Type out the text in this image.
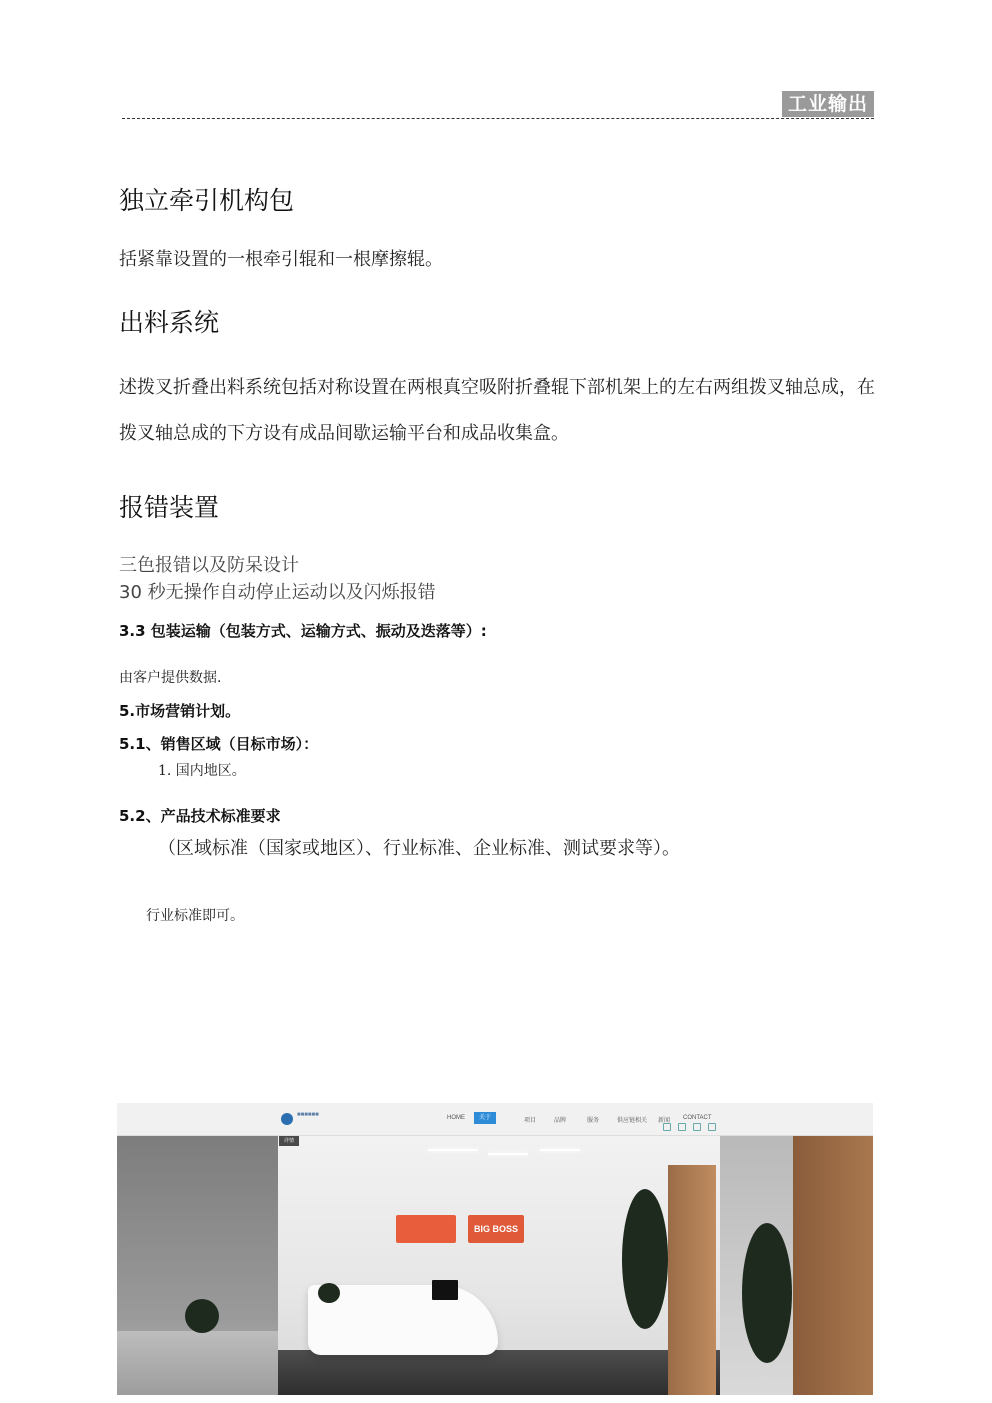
工业输出
独立牵引机构包
括紧靠设置的一根牵引辊和一根摩擦辊。
出料系统
述拨叉折叠出料系统包括对称设置在两根真空吸附折叠辊下部机架上的左右两组拨叉轴总成，在拨叉轴总成的下方设有成品间歇运输平台和成品收集盒。
报错装置
三色报错以及防呆设计
30 秒无操作自动停止运动以及闪烁报错
3.3 包装运输（包装方式、运输方式、振动及迭落等）:
由客户提供数据.
5.市场营销计划。
5.1、销售区域（目标市场）：
1. 国内地区。
5.2、产品技术标准要求
（区域标准（国家或地区）、行业标准、企业标准、测试要求等）。
行业标准即可。
BIG BOSS
详情
■■■■■■	HOME	关于	项目	品牌	服务	供应链相关 新闻 CONTACT
